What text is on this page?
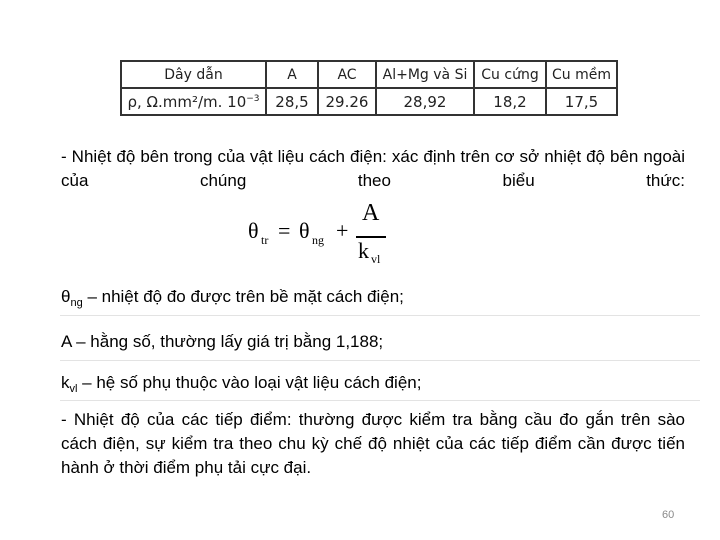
Dây dẫn	A	AC	Al+Mg và Si	Cu cứng	Cu mềm
ρ, Ω.mm²/m. $10^{-3}$	28,5	29.26	28,92	18,2	17,5

- Nhiệt độ bên trong của vật liệu cách điện: xác định trên cơ sở nhiệt độ bên ngoài của chúng theo biểu thức:

θ tr = θ ng +
A
k vl

$\theta_{ng}$ – nhiệt độ đo được trên bề mặt cách điện;

A – hằng số, thường lấy giá trị bằng 1,188;

$k_{vl}$ – hệ số phụ thuộc vào loại vật liệu cách điện;

- Nhiệt độ của các tiếp điểm: thường được kiểm tra bằng cầu đo gắn trên sào cách điện, sự kiểm tra theo chu kỳ chế độ nhiệt của các tiếp điểm cần được tiến hành ở thời điểm phụ tải cực đại.

60
